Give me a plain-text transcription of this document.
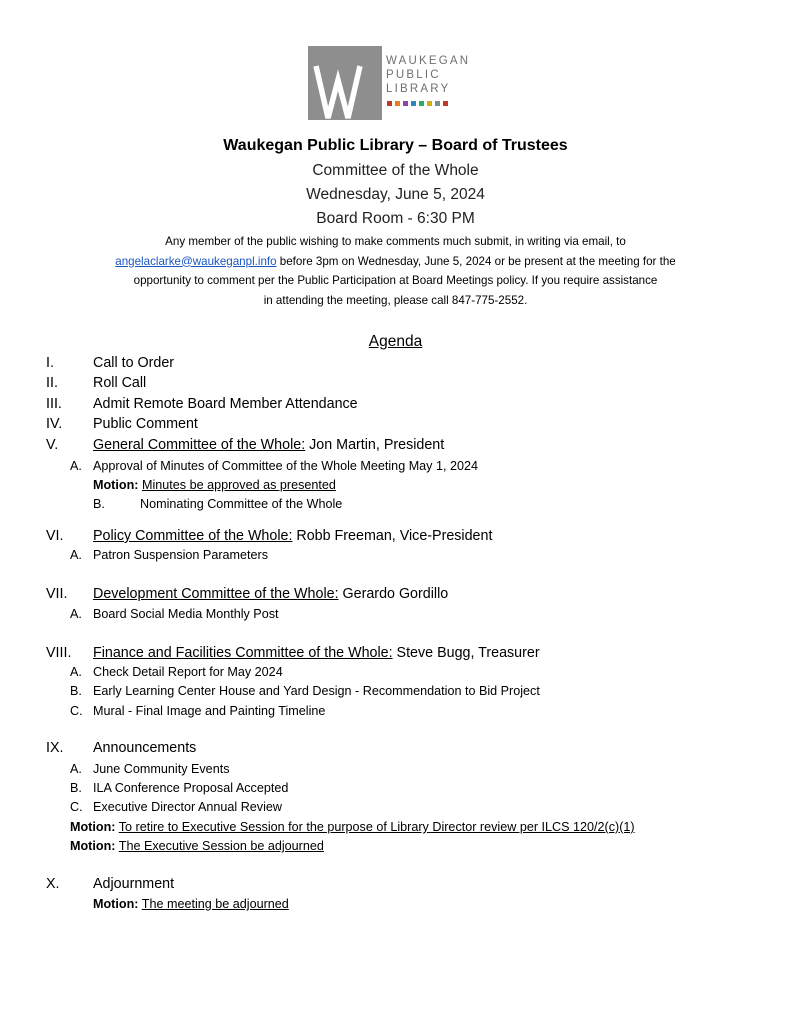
WAUKEGAN
PUBLIC
LIBRARY
Waukegan Public Library – Board of Trustees
Committee of the Whole
Wednesday, June 5, 2024
Board Room - 6:30 PM
Any member of the public wishing to make comments much submit, in writing via email, to
angelaclarke@waukeganpl.info before 3pm on Wednesday, June 5, 2024 or be present at the meeting for the
opportunity to comment per the Public Participation at Board Meetings policy. If you require assistance
in attending the meeting, please call 847-775-2552.
Agenda
I.	Call to Order
II. Roll Call
III. Admit Remote Board Member Attendance
IV. Public Comment
V. General Committee of the Whole: Jon Martin, President
A. Approval of Minutes of Committee of the Whole Meeting May 1, 2024
Motion: Minutes be approved as presented
B.	Nominating Committee of the Whole
VI. Policy Committee of the Whole: Robb Freeman, Vice-President
A. Patron Suspension Parameters
VII. Development Committee of the Whole: Gerardo Gordillo
A. Board Social Media Monthly Post
VIII. Finance and Facilities Committee of the Whole: Steve Bugg, Treasurer
A. Check Detail Report for May 2024
B. Early Learning Center House and Yard Design - Recommendation to Bid Project
C. Mural - Final Image and Painting Timeline
IX. Announcements
A. June Community Events
B. ILA Conference Proposal Accepted
C. Executive Director Annual Review
Motion: To retire to Executive Session for the purpose of Library Director review per ILCS 120/2(c)(1)
Motion: The Executive Session be adjourned
X. Adjournment
Motion: The meeting be adjourned
